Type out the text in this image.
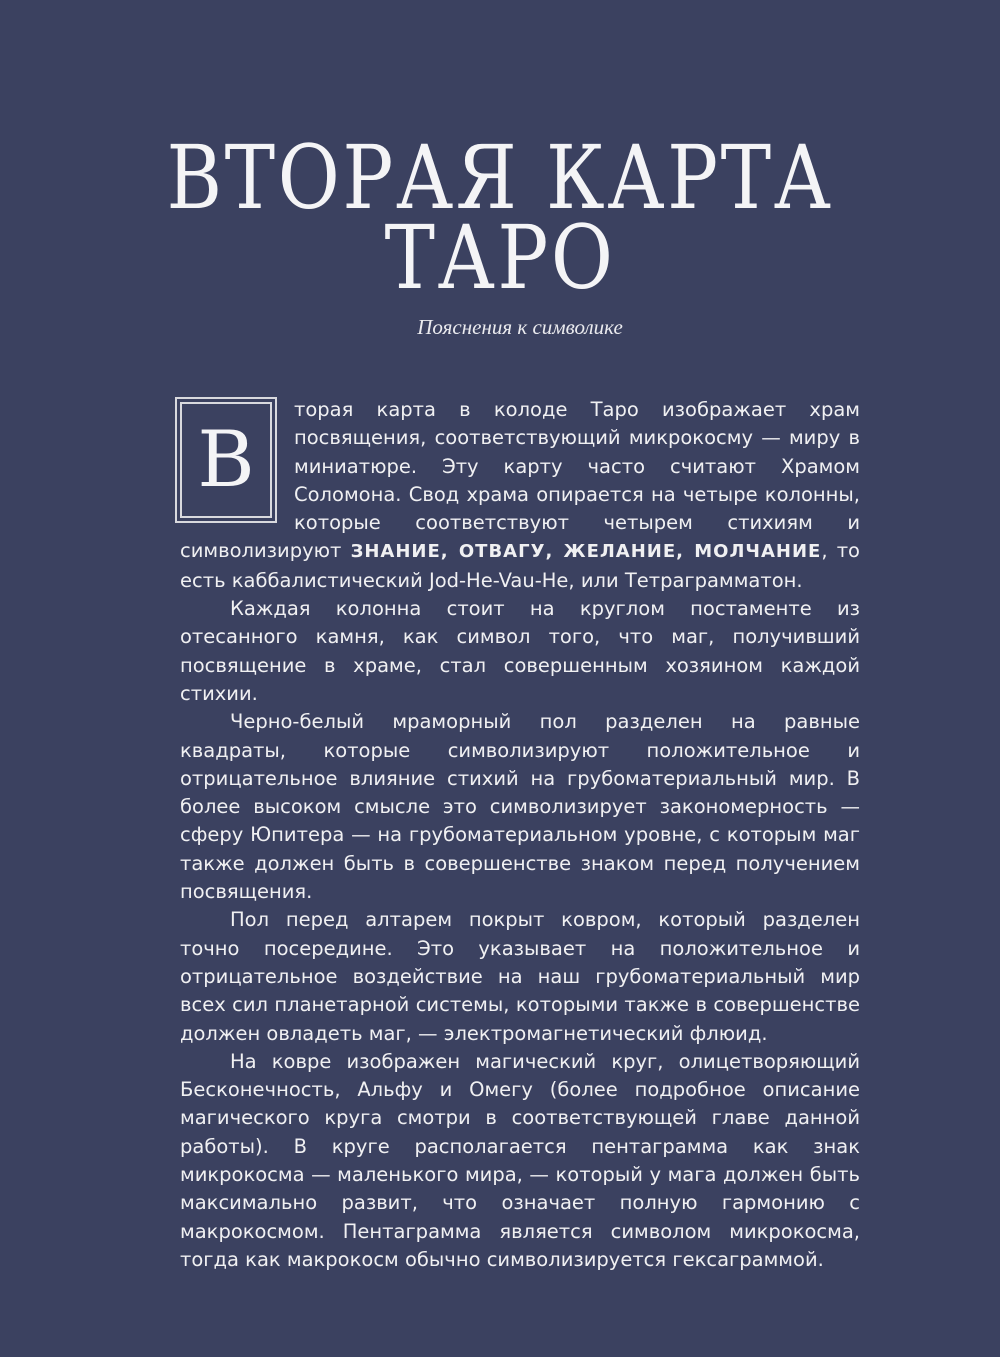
ВТОРАЯ КАРТА
ТАРО
Пояснения к символике

В
торая карта в колоде Таро изображает храм посвящения, соответствующий микрокосму — миру в миниатюре. Эту карту часто считают Храмом Соломона. Свод храма опирается на четыре колонны, которые соответствуют четырем стихиям и символизируют ЗНАНИЕ, ОТВАГУ, ЖЕЛАНИЕ, МОЛЧАНИЕ, то есть каббалистический Jod-He-Vau-He, или Тетраграмматон.

Каждая колонна стоит на круглом постаменте из отесанного камня, как символ того, что маг, получивший посвящение в храме, стал совершенным хозяином каждой стихии.

Черно-белый мраморный пол разделен на равные квадраты, которые символизируют положительное и отрицательное влияние стихий на грубоматериальный мир. В более высоком смысле это символизирует закономерность — сферу Юпитера — на грубоматериальном уровне, с которым маг также должен быть в совершенстве знаком перед получением посвящения.

Пол перед алтарем покрыт ковром, который разделен точно посередине. Это указывает на положительное и отрицательное воздействие на наш грубоматериальный мир всех сил планетарной системы, которыми также в совершенстве должен овладеть маг, — электромагнетический флюид.

На ковре изображен магический круг, олицетворяющий Бесконечность, Альфу и Омегу (более подробное описание магического круга смотри в соответствующей главе данной работы). В круге располагается пентаграмма как знак микрокосма — маленького мира, — который у мага должен быть максимально развит, что означает полную гармонию с макрокосмом. Пентаграмма является символом микрокосма, тогда как макрокосм обычно символизируется гексаграммой.
